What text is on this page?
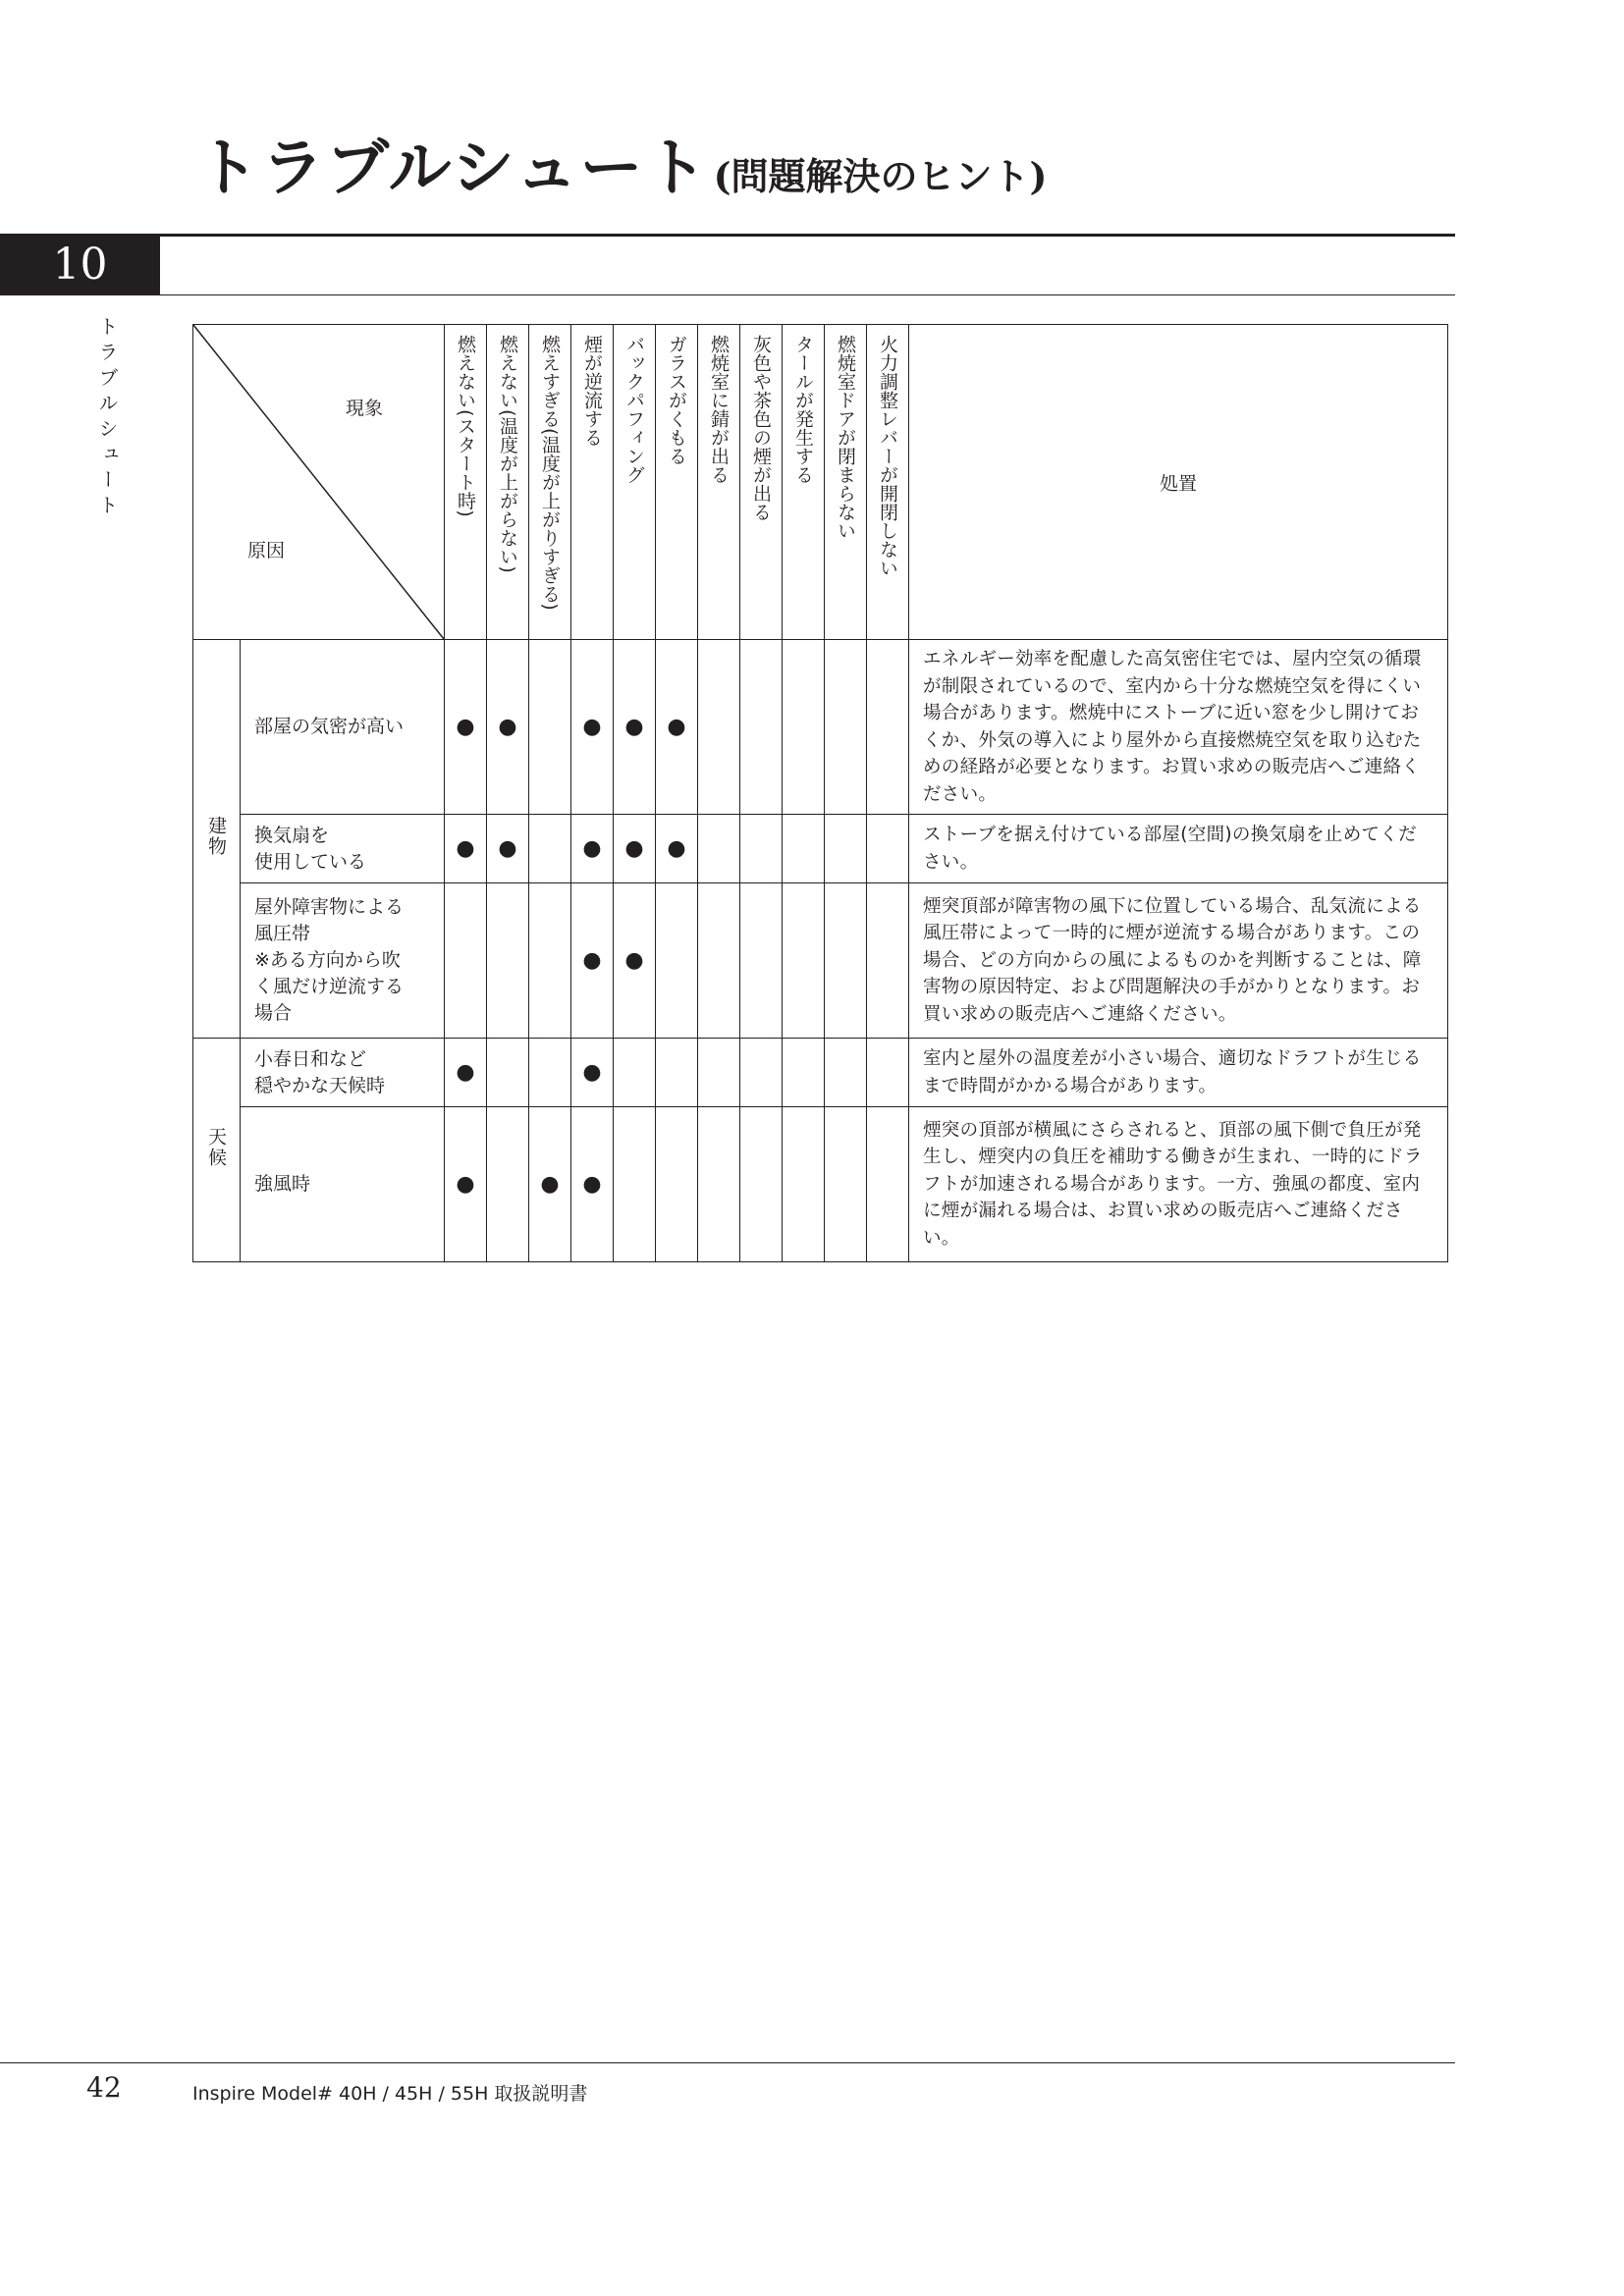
トラブルシュート (問題解決のヒント)
10
トラブルシュート	現象
原因		燃えない(スタート時)	燃えない(温度が上がらない)	燃えすぎる(温度が上がりすぎる)	煙が逆流する	バックパフィング	ガラスがくもる	燃焼室に錆が出る	灰色や茶色の煙が出る	タールが発生する	燃焼室ドアが閉まらない	火力調整レバーが開閉しない	処置
建物	部屋の気密が高い	●	●		●	●	●						エネルギー効率を配慮した高気密住宅では、屋内空気の循環が制限されているので、室内から十分な燃焼空気を得にくい場合があります。燃焼中にストーブに近い窓を少し開けておくか、外気の導入により屋外から直接燃焼空気を取り込むための経路が必要となります。お買い求めの販売店へご連絡ください。

	換気扇を
使用している	●	●		●	●	●						ストーブを据え付けている部屋(空間)の換気扇を止めてください。

	屋外障害物による
風圧帯
※ある方向から吹
く風だけ逆流する
場合				●	●							煙突頂部が障害物の風下に位置している場合、乱気流による風圧帯によって一時的に煙が逆流する場合があります。この場合、どの方向からの風によるものかを判断することは、障害物の原因特定、および問題解決の手がかりとなります。お買い求めの販売店へご連絡ください。
天候	小春日和など
穏やかな天候時	●			●								室内と屋外の温度差が小さい場合、適切なドラフトが生じるまで時間がかかる場合があります。

	強風時	●		●	●								煙突の頂部が横風にさらされると、頂部の風下側で負圧が発生し、煙突内の負圧を補助する働きが生まれ、一時的にドラフトが加速される場合があります。一方、強風の都度、室内に煙が漏れる場合は、お買い求めの販売店へご連絡ください。
42	Inspire Model# 40H / 45H / 55H 取扱説明書
